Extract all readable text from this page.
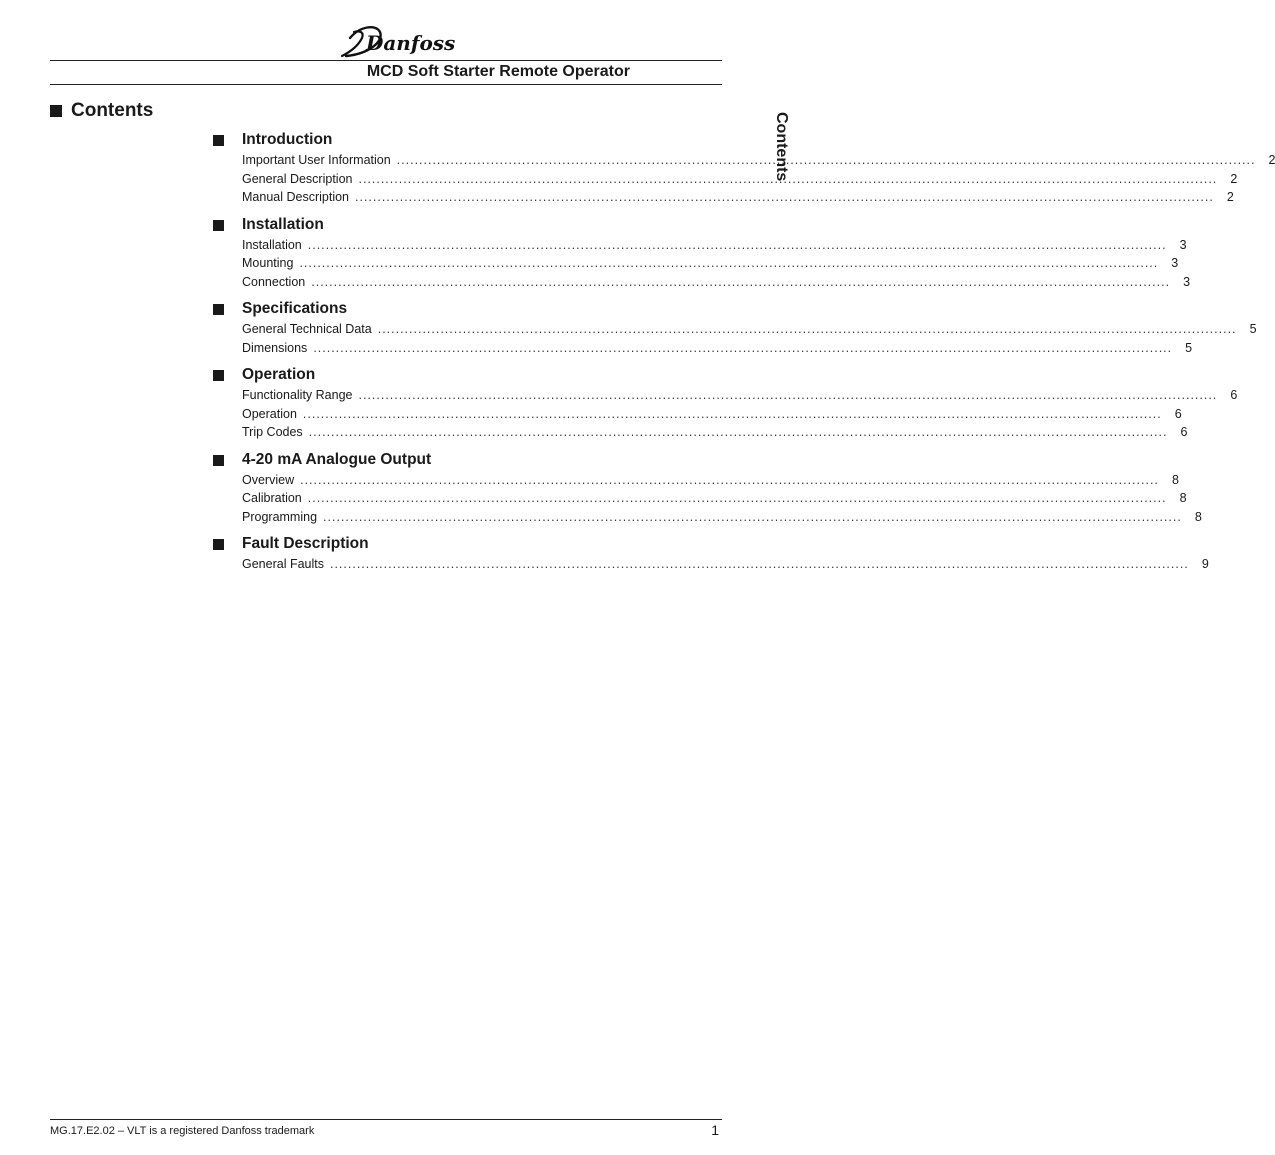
Danfoss
MCD Soft Starter Remote Operator
Contents
Contents
Introduction
Important User Information .....	2
General Description .....	2
Manual Description .....	2
Installation
Installation .....	3
Mounting .....	3
Connection .....	3
Specifications
General Technical Data .....	5
Dimensions .....	5
Operation
Functionality Range .....	6
Operation .....	6
Trip Codes .....	6
4-20 mA Analogue Output
Overview .....	8
Calibration .....	8
Programming .....	8
Fault Description
General Faults .....	9
MG.17.E2.02 – VLT is a registered Danfoss trademark	1
